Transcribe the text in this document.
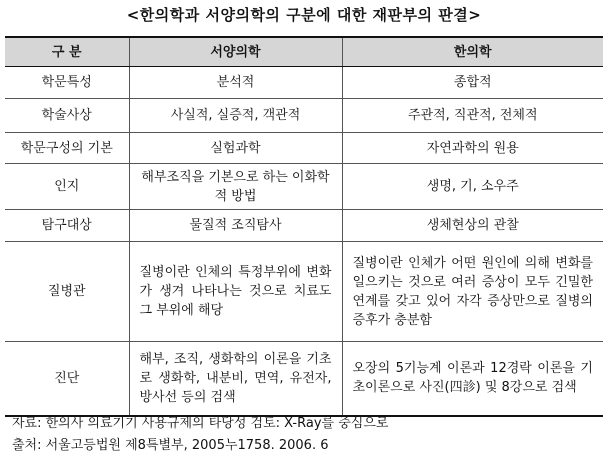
<한의학과 서양의학의 구분에 대한 재판부의 판결>
구 분	서양의학	한의학
학문특성	분석적	종합적
학술사상	사실적, 실증적, 객관적	주관적, 직관적, 전체적
학문구성의 기본	실험과학	자연과학의 원용
인지	해부조직을 기본으로 하는 이화학적 방법	생명, 기, 소우주
탐구대상	물질적 조직탐사	생체현상의 관찰
질병관	질병이란 인체의 특정부위에 변화가 생겨 나타나는 것으로 치료도 그 부위에 해당	질병이란 인체가 어떤 원인에 의해 변화를 일으키는 것으로 여러 증상이 모두 긴밀한 연계를 갖고 있어 자각 증상만으로 질병의 증후가 충분함
진단	해부, 조직, 생화학의 이론을 기초로 생화학, 내분비, 면역, 유전자, 방사선 등의 검색	오장의 5기능계 이론과 12경락 이론을 기초이론으로 사진(四診) 및 8강으로 검색
자료: 한의사 의료기기 사용규제의 타당성 검토: X-Ray를 중심으로
출처: 서울고등법원 제8특별부, 2005누1758. 2006. 6
